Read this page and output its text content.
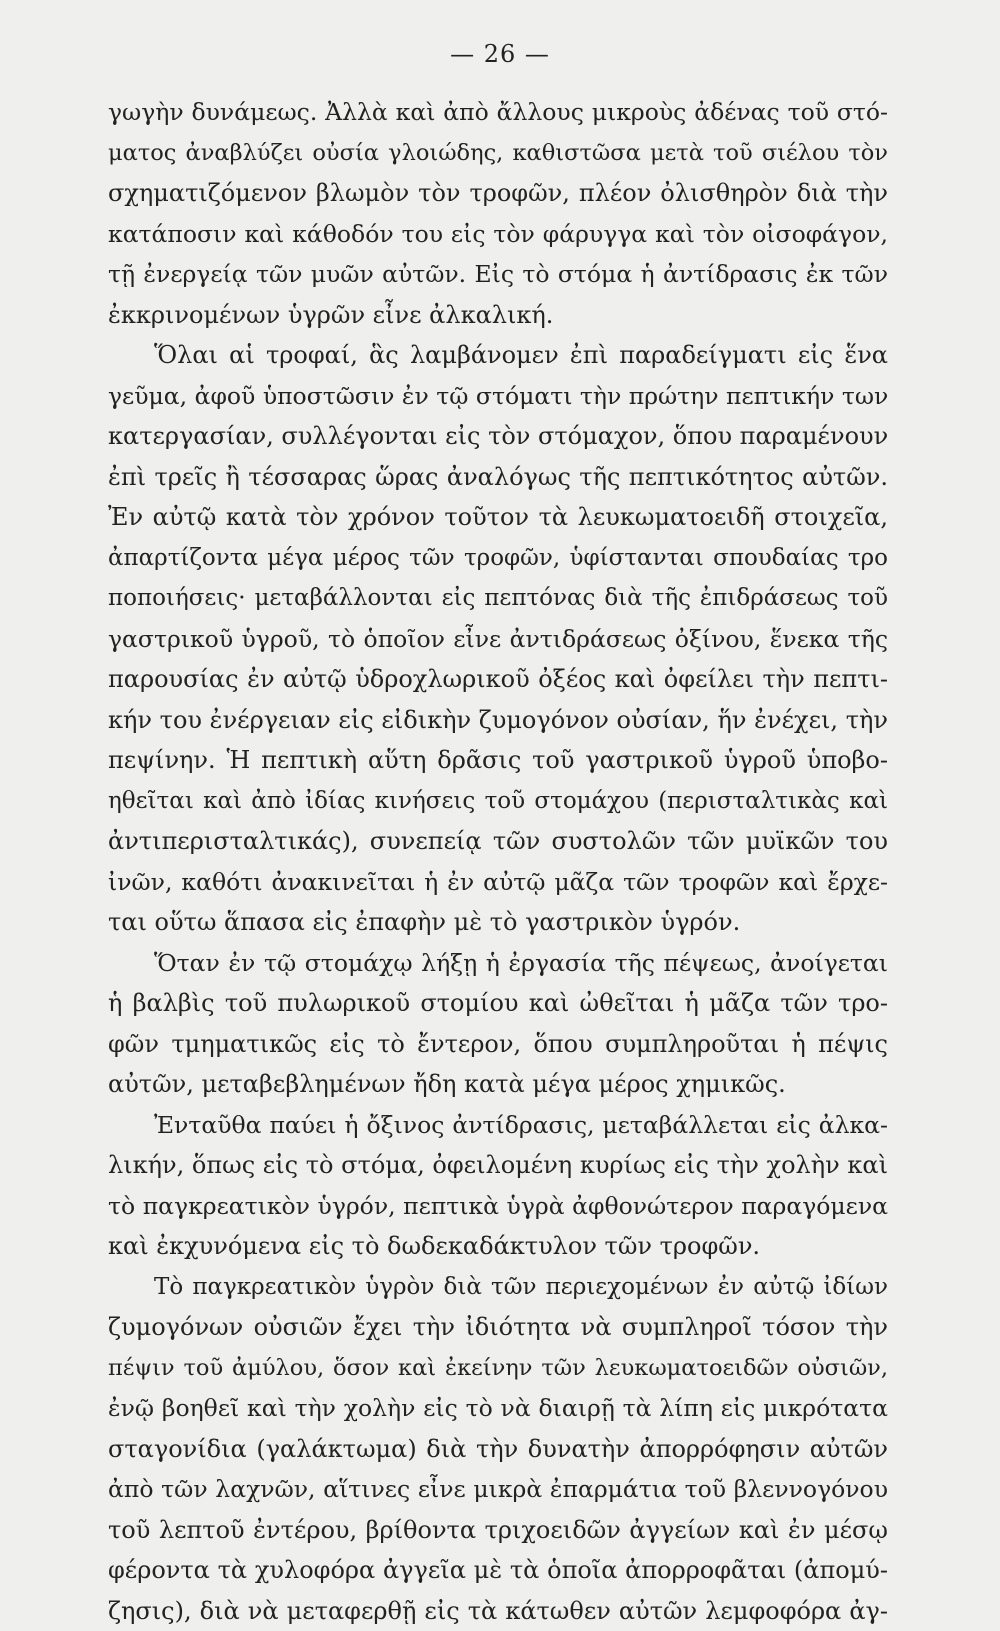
— 26 —
γωγὴν δυνάμεως. Ἀλλὰ καὶ ἀπὸ ἄλλους μικροὺς ἀδένας τοῦ στό-
ματος ἀναβλύζει οὐσία γλοιώδης, καθιστῶσα μετὰ τοῦ σιέλου τὸν
σχηματιζόμενον βλωμὸν τὸν τροφῶν, πλέον ὀλισθηρὸν διὰ τὴν
κατάποσιν καὶ κάθοδόν του εἰς τὸν φάρυγγα καὶ τὸν οἰσοφάγον,
τῇ ἐνεργείᾳ τῶν μυῶν αὐτῶν. Εἰς τὸ στόμα ἡ ἀντίδρασις ἐκ τῶν
ἐκκρινομένων ὑγρῶν εἶνε ἀλκαλική.
Ὅλαι αἱ τροφαί, ἃς λαμβάνομεν ἐπὶ παραδείγματι εἰς ἕνα
γεῦμα, ἀφοῦ ὑποστῶσιν ἐν τῷ στόματι τὴν πρώτην πεπτικήν των
κατεργασίαν, συλλέγονται εἰς τὸν στόμαχον, ὅπου παραμένουν
ἐπὶ τρεῖς ἢ τέσσαρας ὥρας ἀναλόγως τῆς πεπτικότητος αὐτῶν.
Ἐν αὐτῷ κατὰ τὸν χρόνον τοῦτον τὰ λευκωματοειδῆ στοιχεῖα,
ἀπαρτίζοντα μέγα μέρος τῶν τροφῶν, ὑφίστανται σπουδαίας τρο
ποποιήσεις· μεταβάλλονται εἰς πεπτόνας διὰ τῆς ἐπιδράσεως τοῦ
γαστρικοῦ ὑγροῦ, τὸ ὁποῖον εἶνε ἀντιδράσεως ὀξίνου, ἕνεκα τῆς
παρουσίας ἐν αὐτῷ ὑδροχλωρικοῦ ὀξέος καὶ ὀφείλει τὴν πεπτι-
κήν του ἐνέργειαν εἰς εἰδικὴν ζυμογόνον οὐσίαν, ἥν ἐνέχει, τὴν
πεψίνην. Ἡ πεπτικὴ αὕτη δρᾶσις τοῦ γαστρικοῦ ὑγροῦ ὑποβο-
ηθεῖται καὶ ἀπὸ ἰδίας κινήσεις τοῦ στομάχου (περισταλτικὰς καὶ
ἀντιπερισταλτικάς), συνεπείᾳ τῶν συστολῶν τῶν μυϊκῶν του
ἰνῶν, καθότι ἀνακινεῖται ἡ ἐν αὐτῷ μᾶζα τῶν τροφῶν καὶ ἔρχε-
ται οὕτω ἅπασα εἰς ἐπαφὴν μὲ τὸ γαστρικὸν ὑγρόν.
Ὅταν ἐν τῷ στομάχῳ λήξῃ ἡ ἐργασία τῆς πέψεως, ἀνοίγεται
ἡ βαλβὶς τοῦ πυλωρικοῦ στομίου καὶ ὠθεῖται ἡ μᾶζα τῶν τρο-
φῶν τμηματικῶς εἰς τὸ ἔντερον, ὅπου συμπληροῦται ἡ πέψις
αὐτῶν, μεταβεβλημένων ἤδη κατὰ μέγα μέρος χημικῶς.
Ἐνταῦθα παύει ἡ ὄξινος ἀντίδρασις, μεταβάλλεται εἰς ἀλκα-
λικήν, ὅπως εἰς τὸ στόμα, ὀφειλομένη κυρίως εἰς τὴν χολὴν καὶ
τὸ παγκρεατικὸν ὑγρόν, πεπτικὰ ὑγρὰ ἀφθονώτερον παραγόμενα
καὶ ἐκχυνόμενα εἰς τὸ δωδεκαδάκτυλον τῶν τροφῶν.
Τὸ παγκρεατικὸν ὑγρὸν διὰ τῶν περιεχομένων ἐν αὐτῷ ἰδίων
ζυμογόνων οὐσιῶν ἔχει τὴν ἰδιότητα νὰ συμπληροῖ τόσον τὴν
πέψιν τοῦ ἀμύλου, ὅσον καὶ ἐκείνην τῶν λευκωματοειδῶν οὐσιῶν,
ἐνῷ βοηθεῖ καὶ τὴν χολὴν εἰς τὸ νὰ διαιρῇ τὰ λίπη εἰς μικρότατα
σταγονίδια (γαλάκτωμα) διὰ τὴν δυνατὴν ἀπορρόφησιν αὐτῶν
ἀπὸ τῶν λαχνῶν, αἵτινες εἶνε μικρὰ ἐπαρμάτια τοῦ βλεννογόνου
τοῦ λεπτοῦ ἐντέρου, βρίθοντα τριχοειδῶν ἀγγείων καὶ ἐν μέσῳ
φέροντα τὰ χυλοφόρα ἀγγεῖα μὲ τὰ ὁποῖα ἀπορροφᾶται (ἀπομύ-
ζησις), διὰ νὰ μεταφερθῇ εἰς τὰ κάτωθεν αὐτῶν λεμφοφόρα ἀγ-
